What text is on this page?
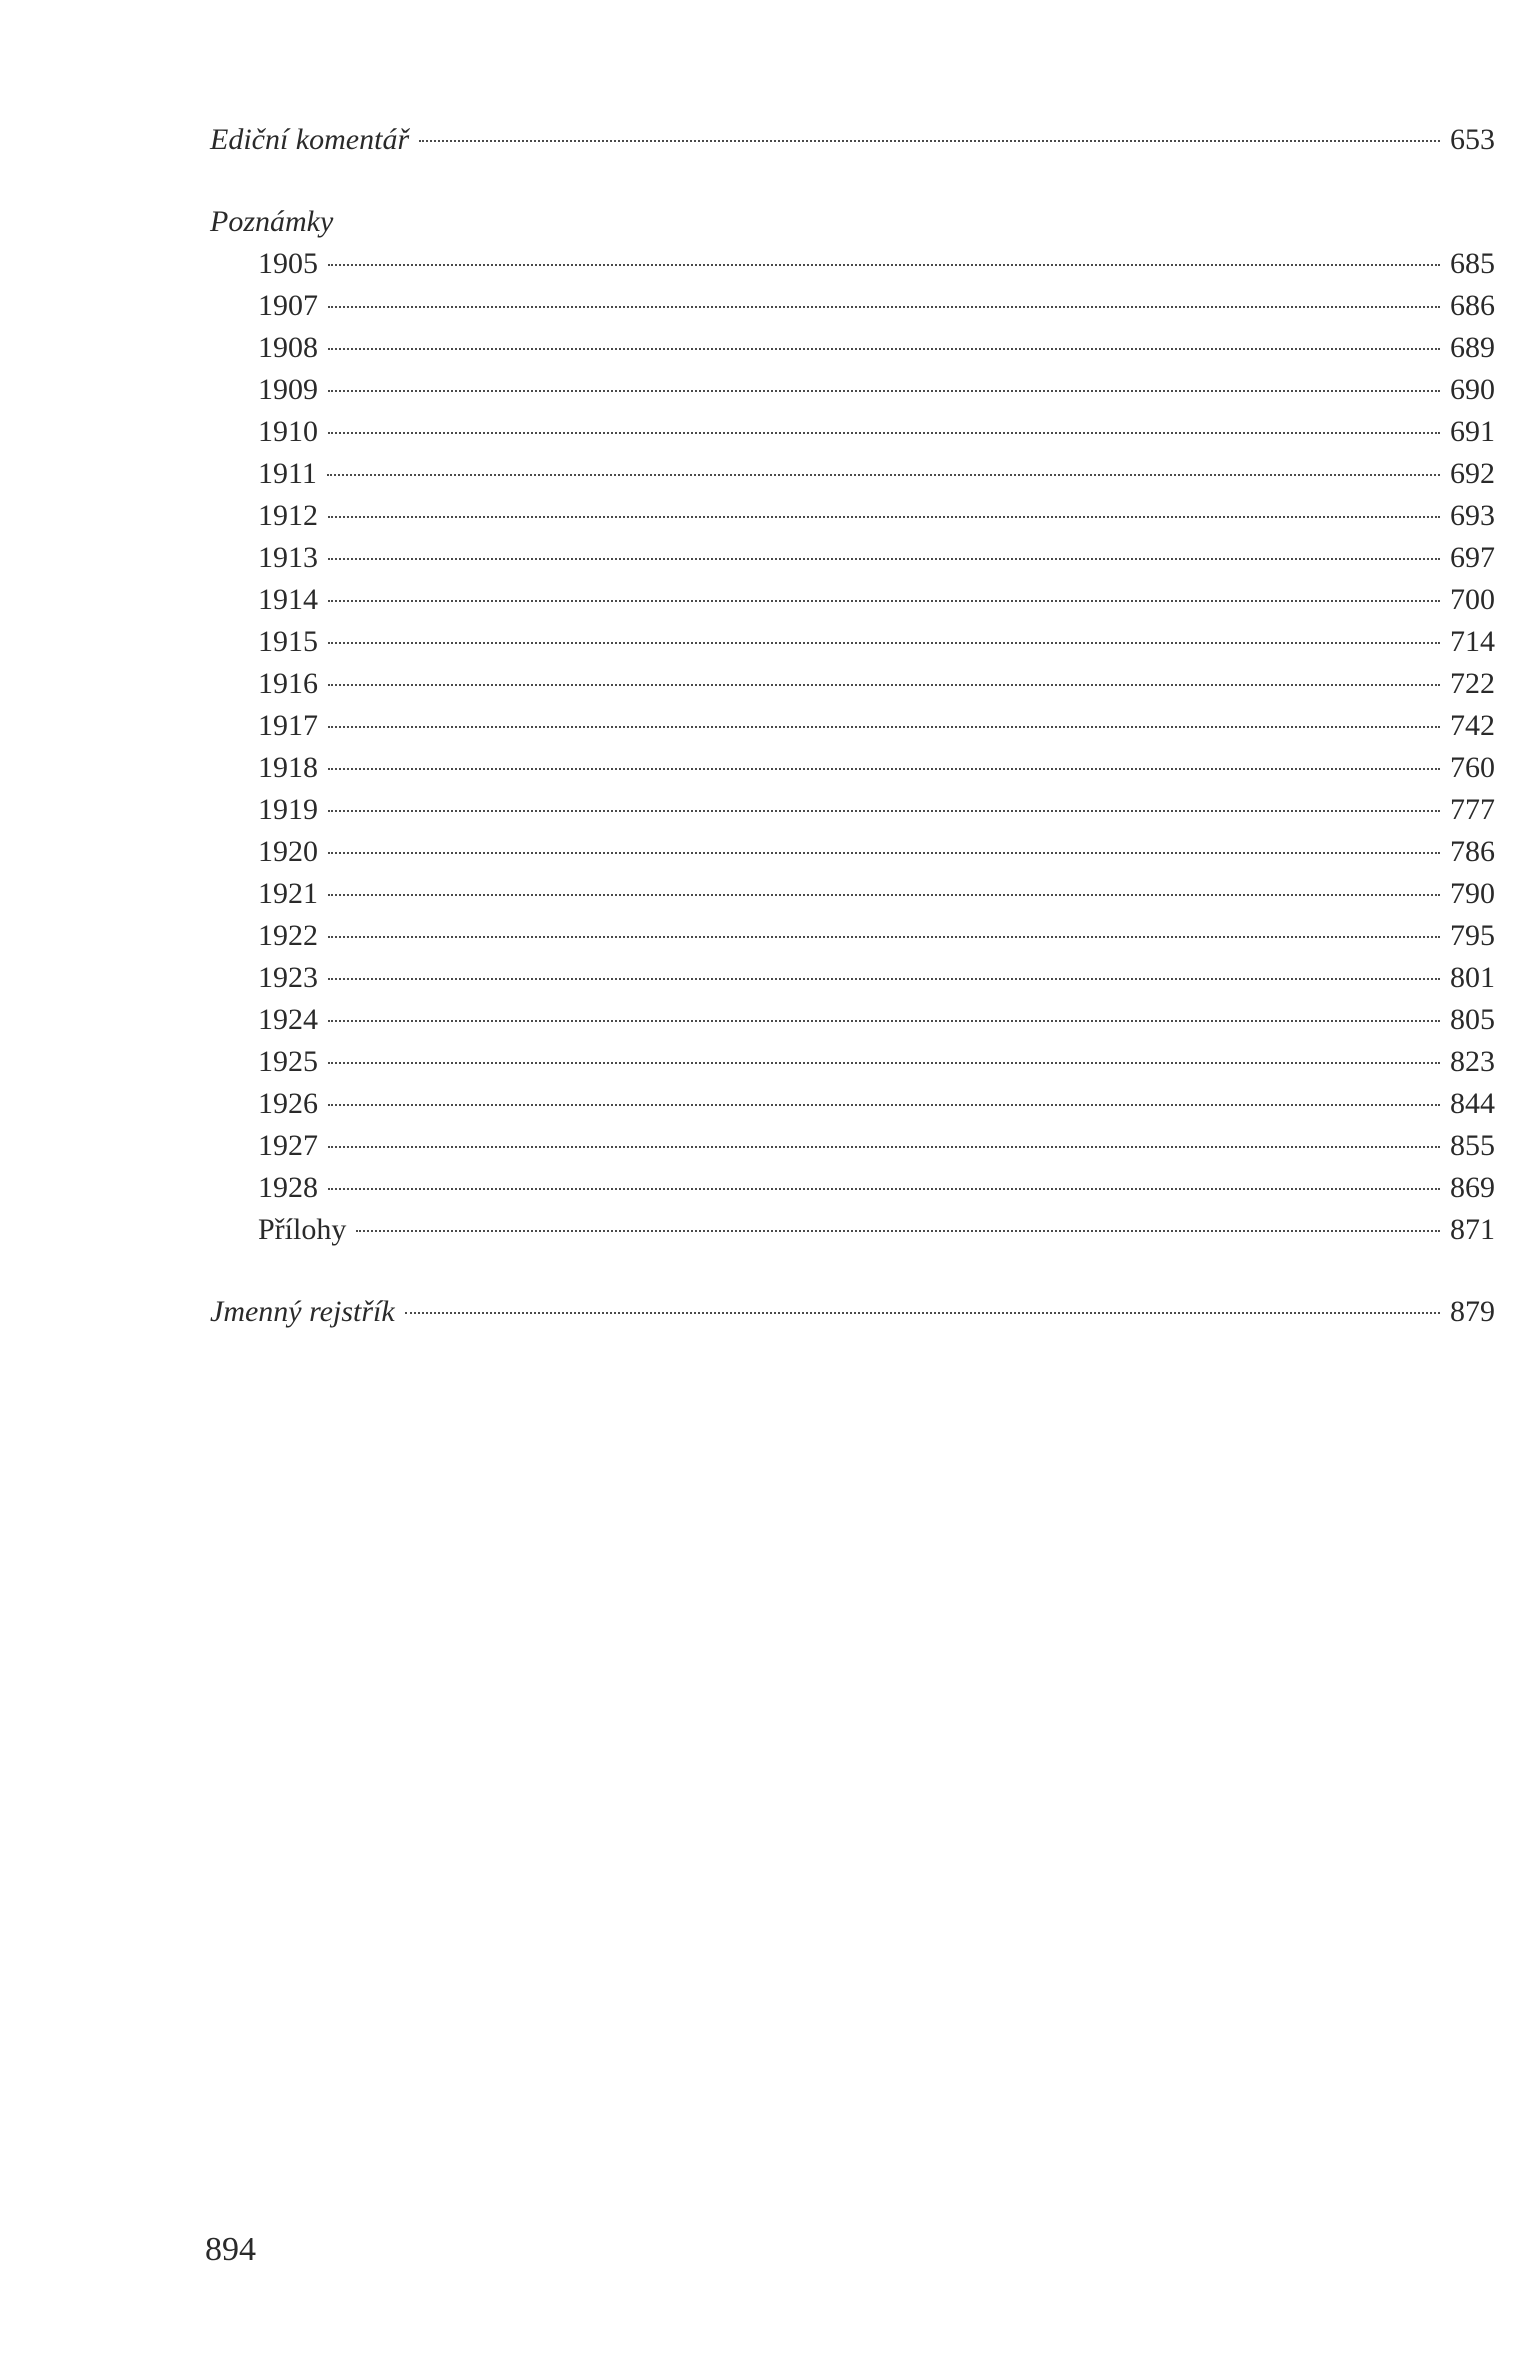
Ediční komentář	653
Poznámky
1905	685
1907	686
1908	689
1909	690
1910	691
1911	692
1912	693
1913	697
1914	700
1915	714
1916	722
1917	742
1918	760
1919	777
1920	786
1921	790
1922	795
1923	801
1924	805
1925	823
1926	844
1927	855
1928	869
Přílohy	871
Jmenný rejstřík	879
894
